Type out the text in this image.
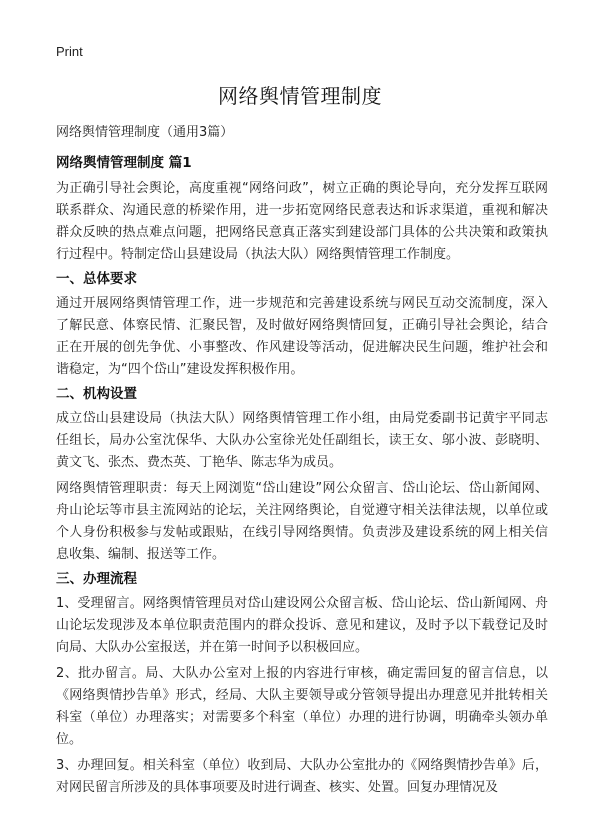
Print
网络舆情管理制度

网络舆情管理制度（通用3篇）

网络舆情管理制度 篇1

为正确引导社会舆论，高度重视“网络问政”，树立正确的舆论导向，充分发挥互联网联系群众、沟通民意的桥梁作用，进一步拓宽网络民意表达和诉求渠道，重视和解决群众反映的热点难点问题，把网络民意真正落实到建设部门具体的公共决策和政策执行过程中。特制定岱山县建设局（执法大队）网络舆情管理工作制度。

一、总体要求

通过开展网络舆情管理工作，进一步规范和完善建设系统与网民互动交流制度，深入了解民意、体察民情、汇聚民智，及时做好网络舆情回复，正确引导社会舆论，结合正在开展的创先争优、小事整改、作风建设等活动，促进解决民生问题，维护社会和谐稳定，为“四个岱山”建设发挥积极作用。

二、机构设置

成立岱山县建设局（执法大队）网络舆情管理工作小组，由局党委副书记黄宇平同志任组长，局办公室沈保华、大队办公室徐光处任副组长，读王女、邬小波、彭晓明、黄文飞、张杰、费杰英、丁艳华、陈志华为成员。

网络舆情管理职责：每天上网浏览“岱山建设”网公众留言、岱山论坛、岱山新闻网、舟山论坛等市县主流网站的论坛，关注网络舆论，自觉遵守相关法律法规，以单位或个人身份积极参与发帖或跟贴，在线引导网络舆情。负责涉及建设系统的网上相关信息收集、编制、报送等工作。

三、办理流程

1、受理留言。网络舆情管理员对岱山建设网公众留言板、岱山论坛、岱山新闻网、舟山论坛发现涉及本单位职责范围内的群众投诉、意见和建议，及时予以下载登记及时向局、大队办公室报送，并在第一时间予以积极回应。

2、批办留言。局、大队办公室对上报的内容进行审核，确定需回复的留言信息，以《网络舆情抄告单》形式，经局、大队主要领导或分管领导提出办理意见并批转相关科室（单位）办理落实；对需要多个科室（单位）办理的进行协调，明确牵头领办单位。

3、办理回复。相关科室（单位）收到局、大队办公室批办的《网络舆情抄告单》后，对网民留言所涉及的具体事项要及时进行调查、核实、处置。回复办理情况及
